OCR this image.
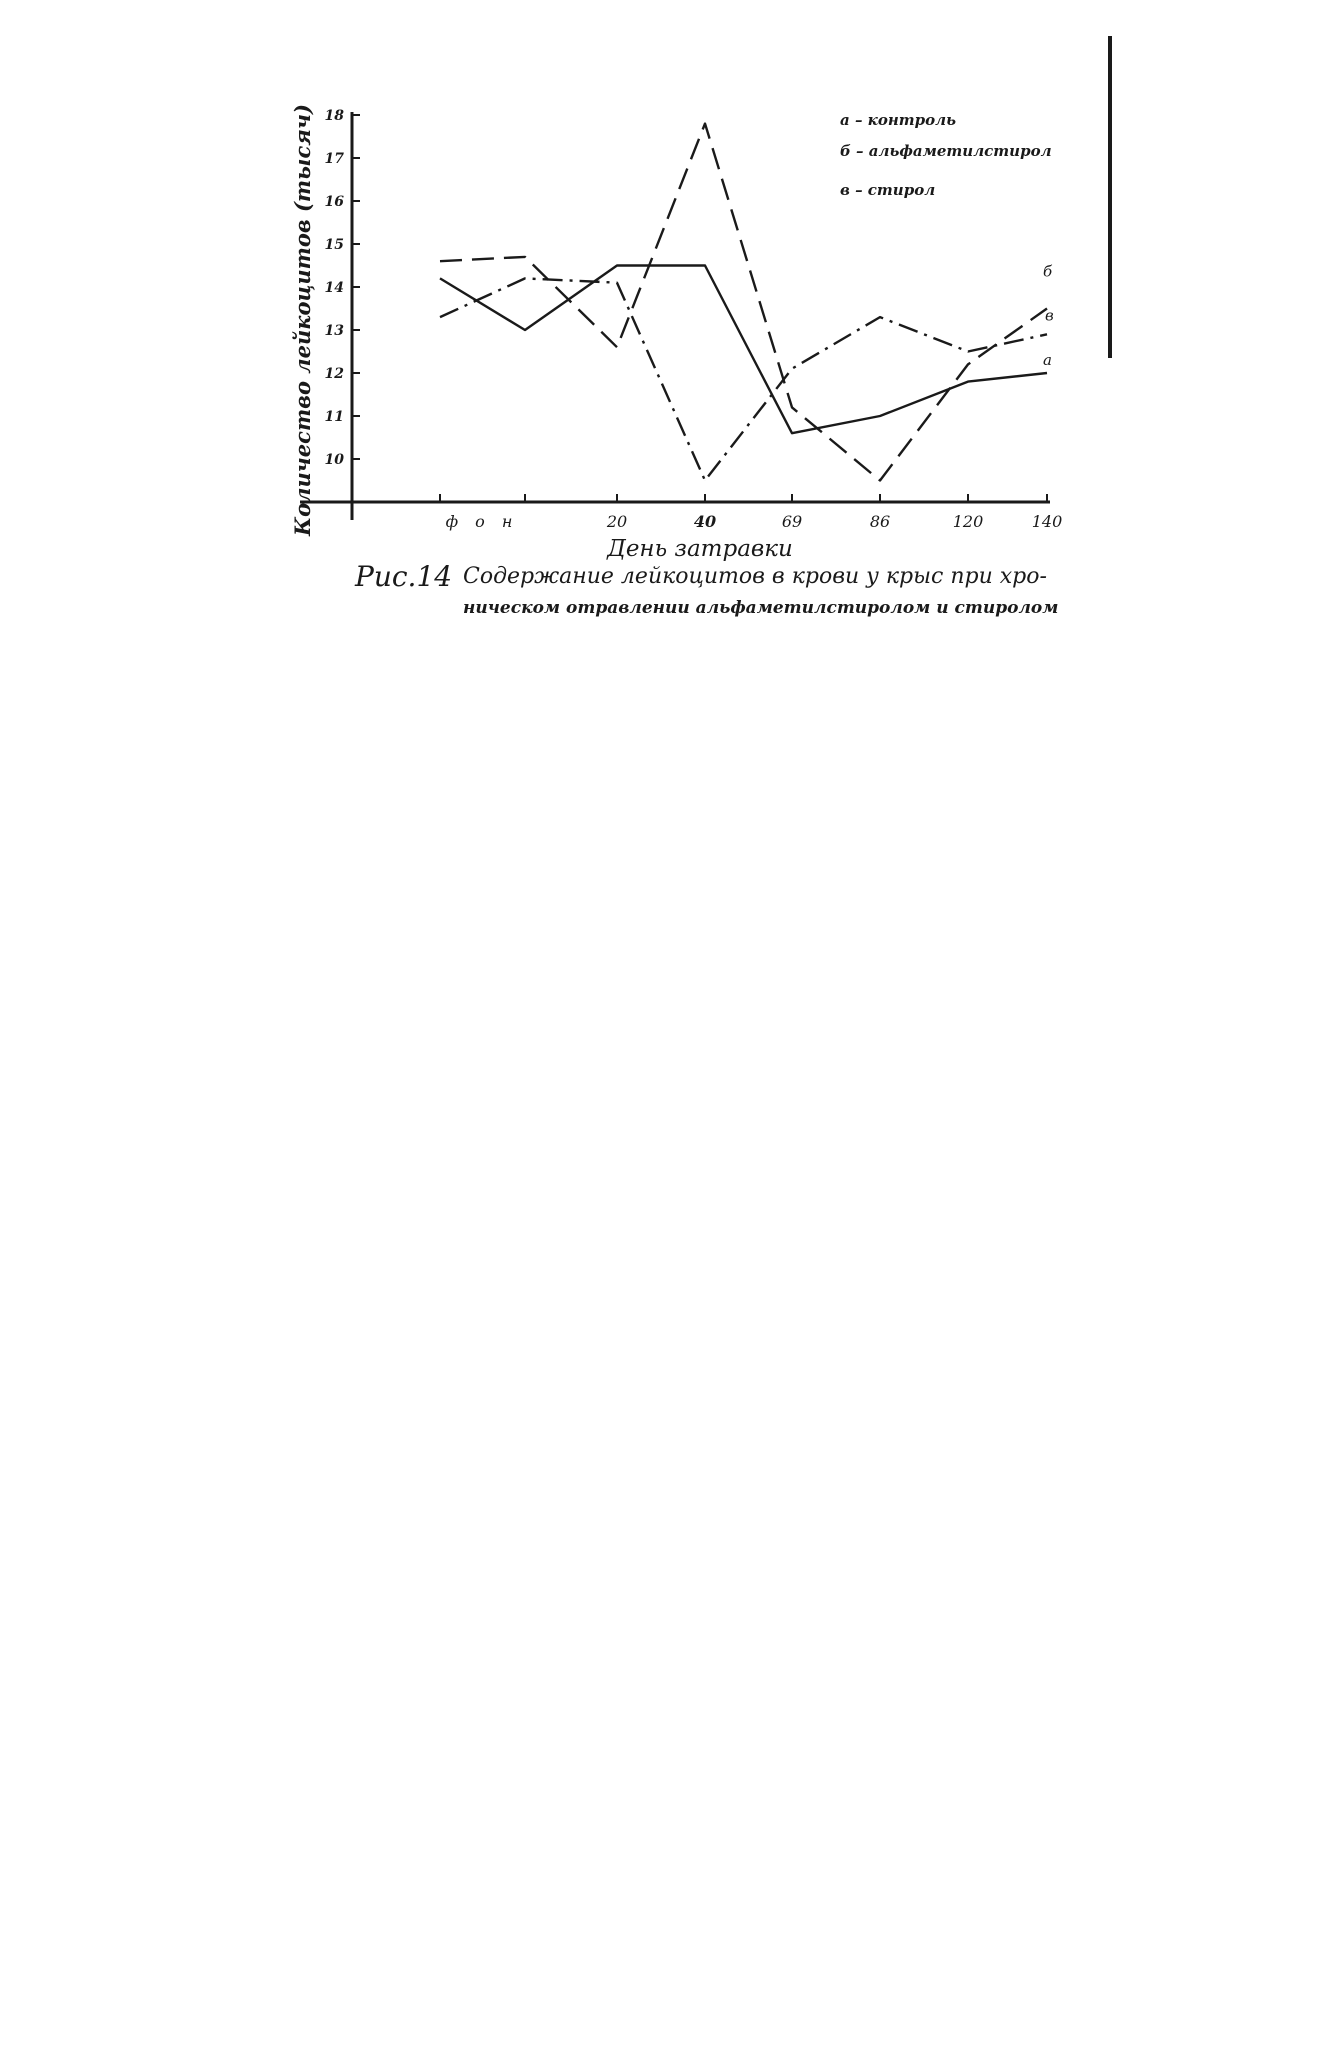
10
11
12
13
14
15
16
17
18
ф о н	20	40	69	86	120	140
а
б
в
Количество лейкоцитов (тысяч)
День затравки
а – контроль
б – альфаметилстирол
в – стирол
Рис.14 Содержание лейкоцитов в крови у крыс при хро-
ническом отравлении альфаметилстиролом и стиролом
